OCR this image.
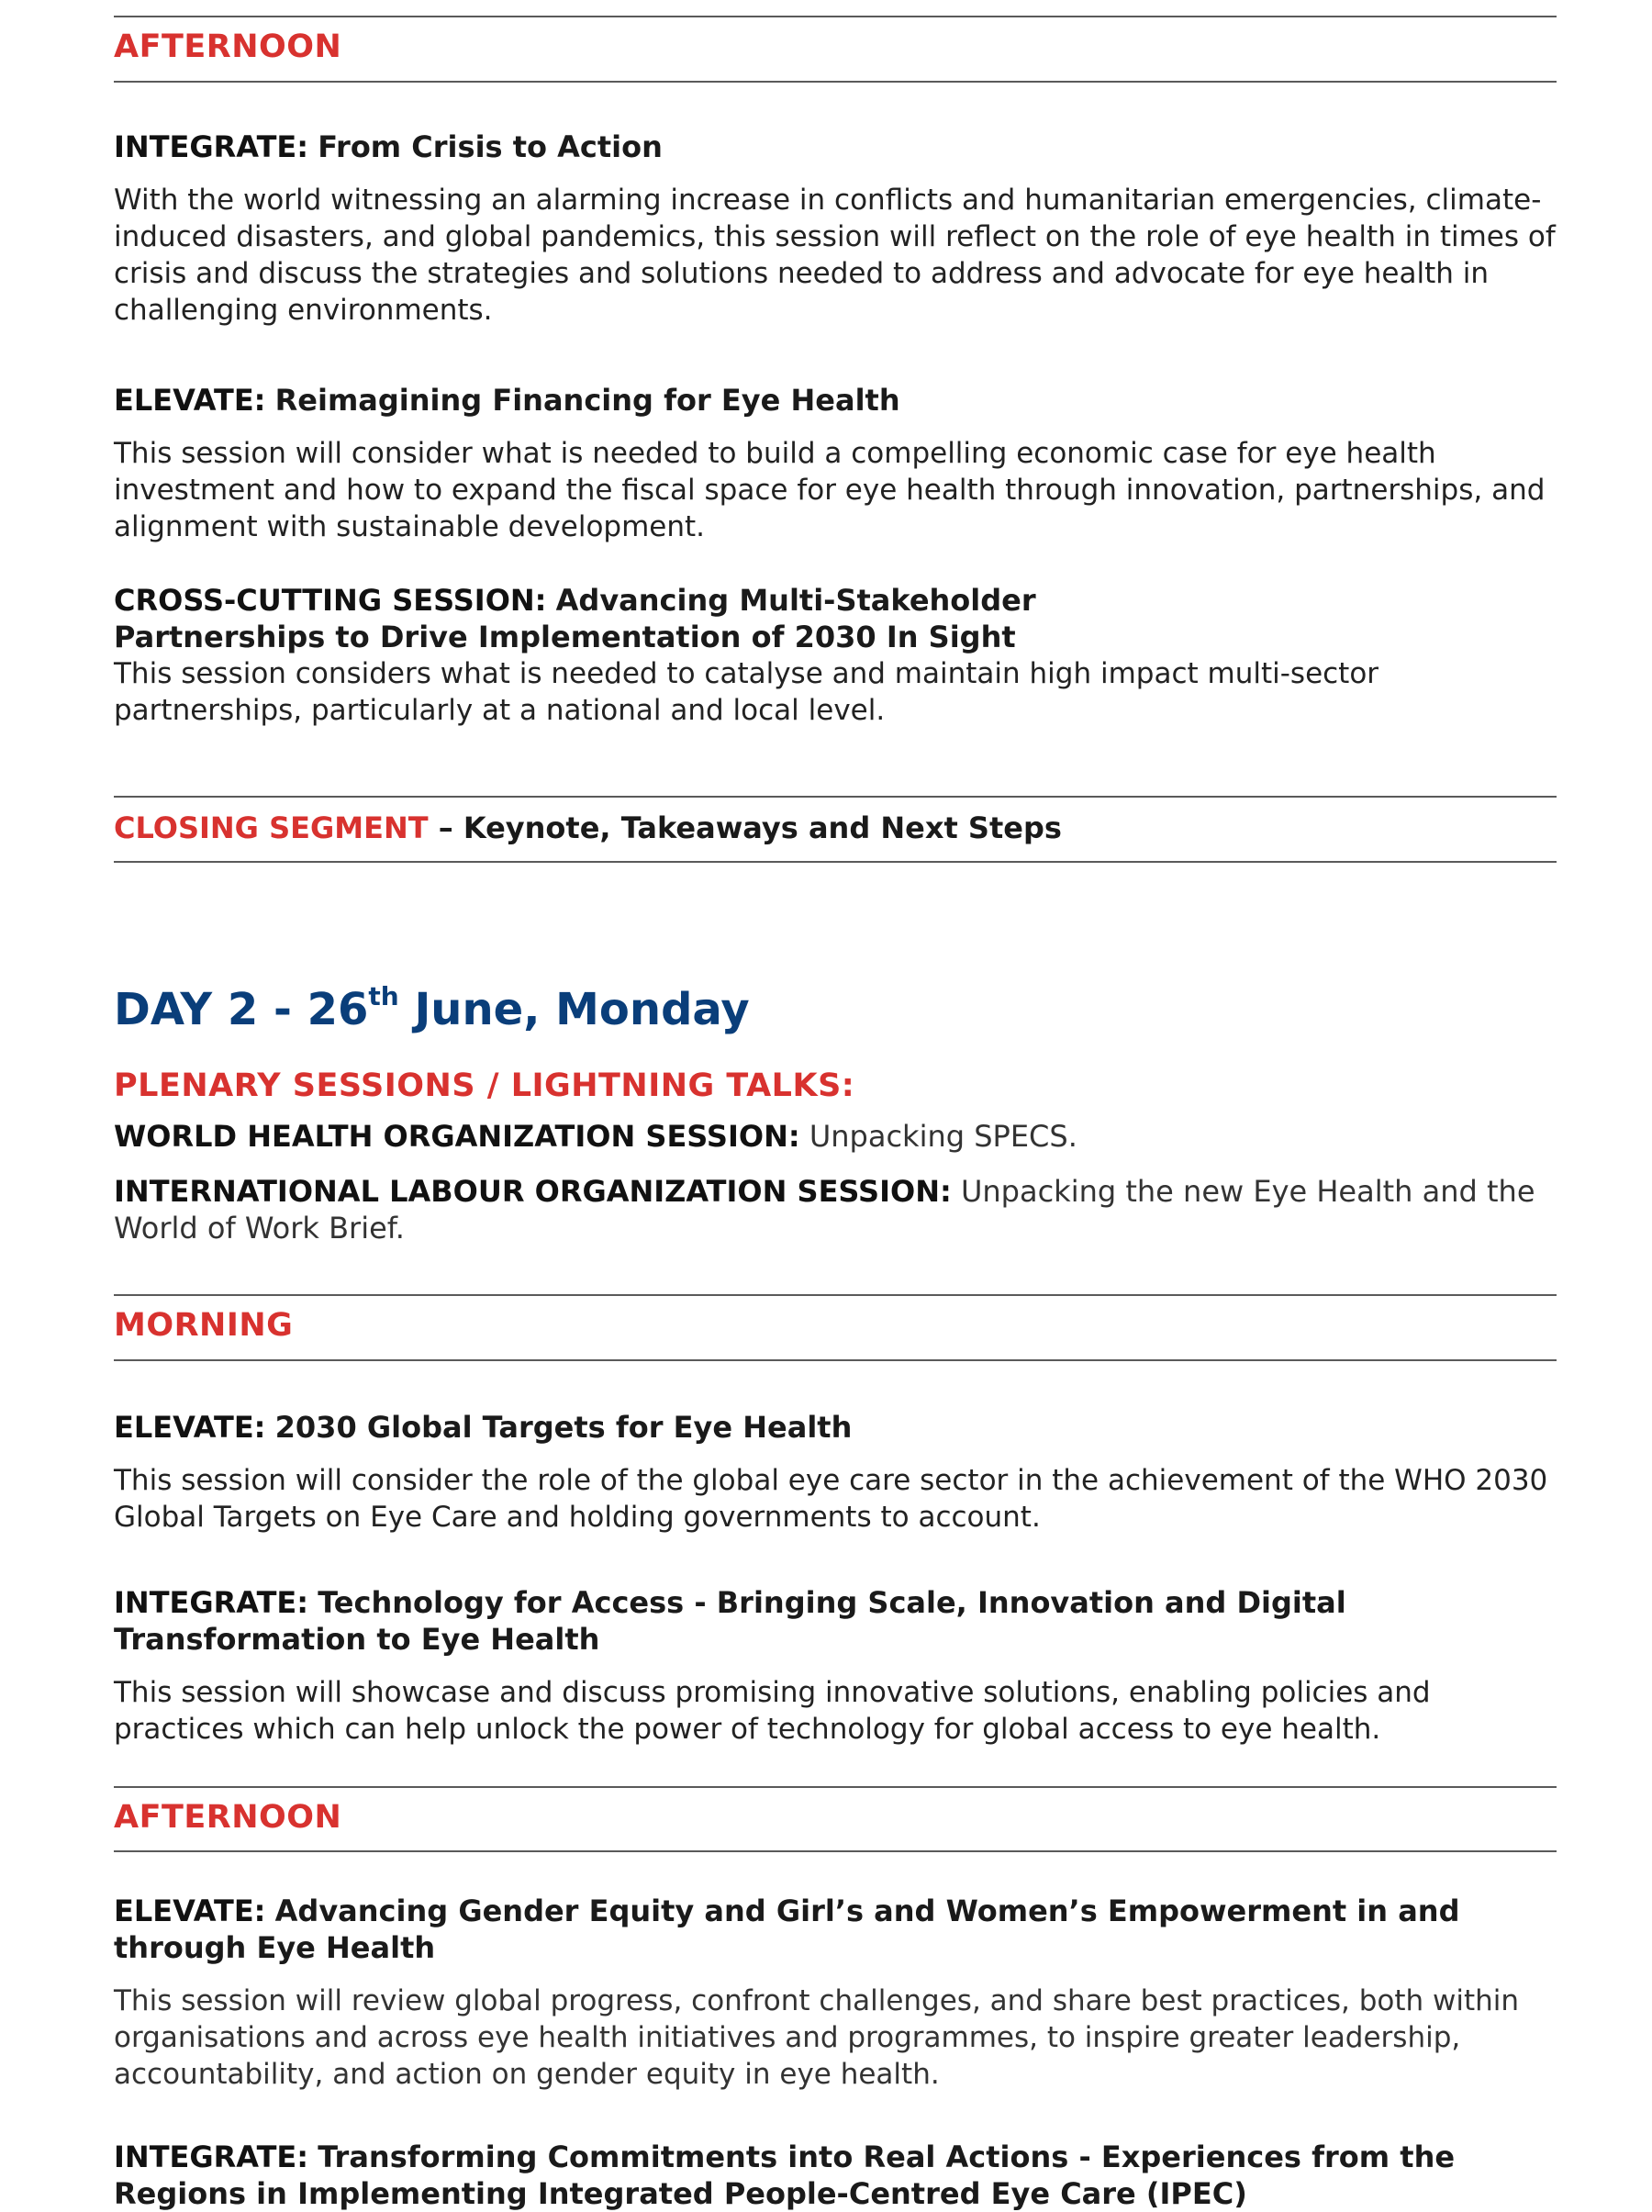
AFTERNOON
INTEGRATE: From Crisis to Action
With the world witnessing an alarming increase in conflicts and humanitarian emergencies, climate-induced disasters, and global pandemics, this session will reflect on the role of eye health in times of crisis and discuss the strategies and solutions needed to address and advocate for eye health in challenging environments.
ELEVATE: Reimagining Financing for Eye Health
This session will consider what is needed to build a compelling economic case for eye health investment and how to expand the fiscal space for eye health through innovation, partnerships, and alignment with sustainable development.
CROSS-CUTTING SESSION: Advancing Multi-Stakeholder Partnerships to Drive Implementation of 2030 In Sight
This session considers what is needed to catalyse and maintain high impact multi-sector partnerships, particularly at a national and local level.
CLOSING SEGMENT – Keynote, Takeaways and Next Steps
DAY 2 - 26th June, Monday
PLENARY SESSIONS / LIGHTNING TALKS:
WORLD HEALTH ORGANIZATION SESSION: Unpacking SPECS.
INTERNATIONAL LABOUR ORGANIZATION SESSION: Unpacking the new Eye Health and the World of Work Brief.
MORNING
ELEVATE: 2030 Global Targets for Eye Health
This session will consider the role of the global eye care sector in the achievement of the WHO 2030 Global Targets on Eye Care and holding governments to account.
INTEGRATE: Technology for Access - Bringing Scale, Innovation and Digital Transformation to Eye Health
This session will showcase and discuss promising innovative solutions, enabling policies and practices which can help unlock the power of technology for global access to eye health.
AFTERNOON
ELEVATE: Advancing Gender Equity and Girl’s and Women’s Empowerment in and through Eye Health
This session will review global progress, confront challenges, and share best practices, both within organisations and across eye health initiatives and programmes, to inspire greater leadership, accountability, and action on gender equity in eye health.
INTEGRATE: Transforming Commitments into Real Actions - Experiences from the Regions in Implementing Integrated People-Centred Eye Care (IPEC)
